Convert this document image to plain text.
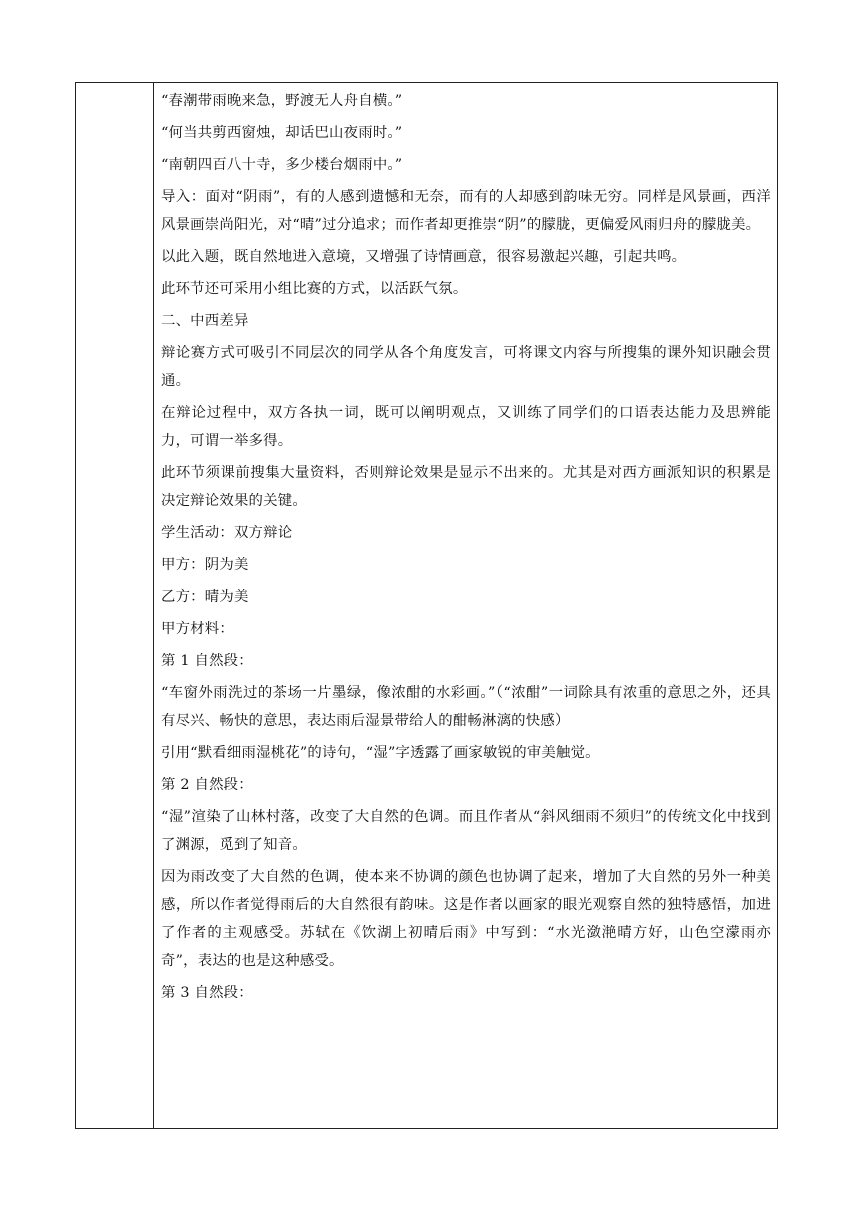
“春潮带雨晚来急，野渡无人舟自横。”

“何当共剪西窗烛，却话巴山夜雨时。”

“南朝四百八十寺，多少楼台烟雨中。”

导入：面对“阴雨”，有的人感到遗憾和无奈，而有的人却感到韵味无穷。同样是风景画，西洋风景画崇尚阳光，对“晴”过分追求；而作者却更推崇“阴”的朦胧，更偏爱风雨归舟的朦胧美。

以此入题，既自然地进入意境，又增强了诗情画意，很容易激起兴趣，引起共鸣。

此环节还可采用小组比赛的方式，以活跃气氛。

二、中西差异

辩论赛方式可吸引不同层次的同学从各个角度发言，可将课文内容与所搜集的课外知识融会贯通。

在辩论过程中，双方各执一词，既可以阐明观点，又训练了同学们的口语表达能力及思辨能力，可谓一举多得。

此环节须课前搜集大量资料，否则辩论效果是显示不出来的。尤其是对西方画派知识的积累是决定辩论效果的关键。

学生活动：双方辩论

甲方：阴为美

乙方：晴为美

甲方材料：

第 1 自然段：

“车窗外雨洗过的茶场一片墨绿，像浓酣的水彩画。”（“浓酣”一词除具有浓重的意思之外，还具有尽兴、畅快的意思，表达雨后湿景带给人的酣畅淋漓的快感）

引用“默看细雨湿桃花”的诗句，“湿”字透露了画家敏锐的审美触觉。

第 2 自然段：

“湿”渲染了山林村落，改变了大自然的色调。而且作者从“斜风细雨不须归”的传统文化中找到了渊源，觅到了知音。

因为雨改变了大自然的色调，使本来不协调的颜色也协调了起来，增加了大自然的另外一种美感，所以作者觉得雨后的大自然很有韵味。这是作者以画家的眼光观察自然的独特感悟，加进了作者的主观感受。苏轼在《饮湖上初晴后雨》中写到：“水光潋滟晴方好，山色空濛雨亦奇”，表达的也是这种感受。

第 3 自然段：
